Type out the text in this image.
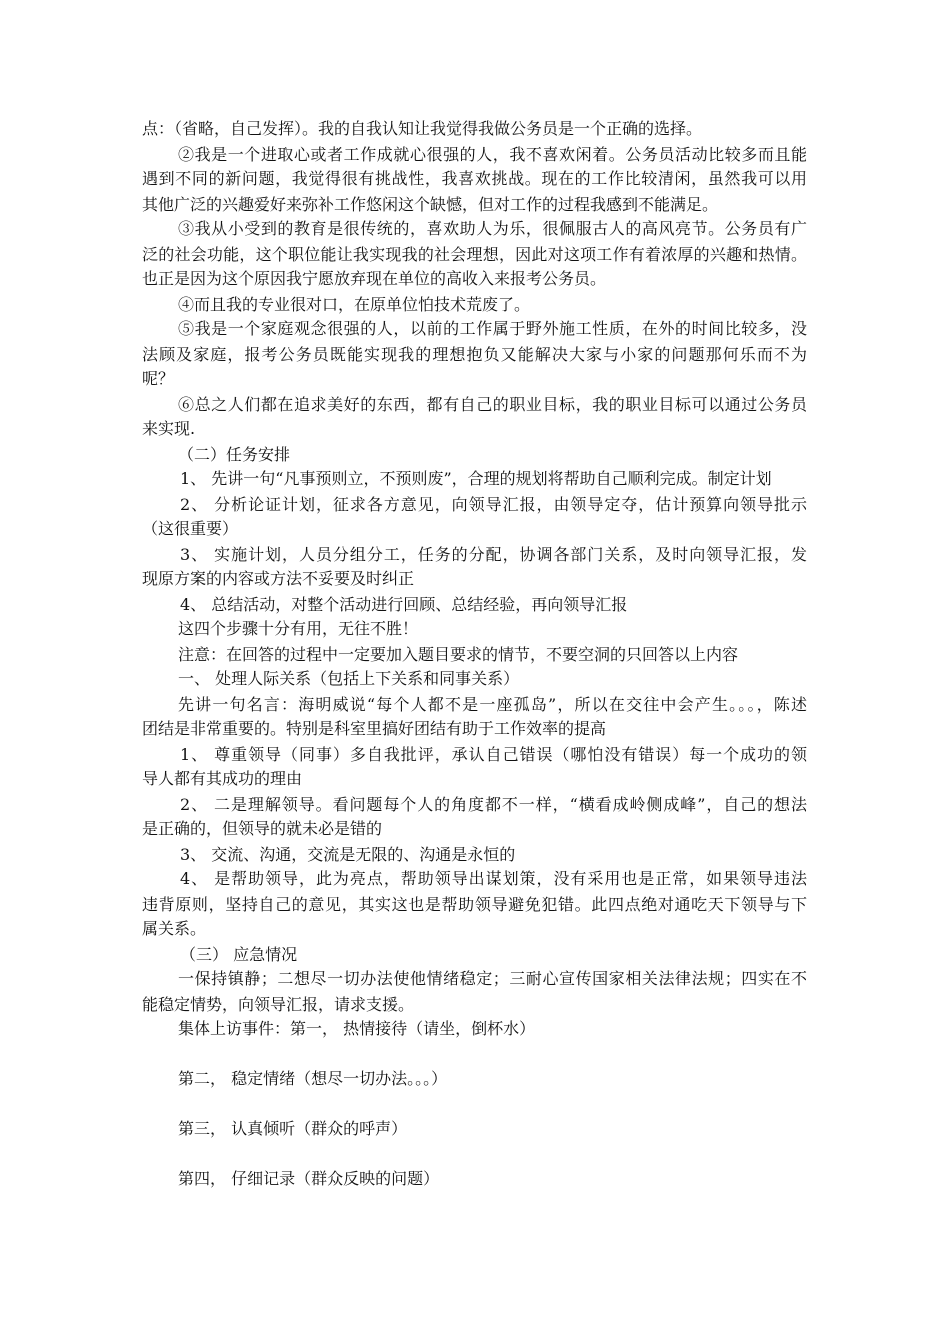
点：（省略，自己发挥）。我的自我认知让我觉得我做公务员是一个正确的选择。
②我是一个进取心或者工作成就心很强的人，我不喜欢闲着。公务员活动比较多而且能
遇到不同的新问题，我觉得很有挑战性，我喜欢挑战。现在的工作比较清闲，虽然我可以用
其他广泛的兴趣爱好来弥补工作悠闲这个缺憾，但对工作的过程我感到不能满足。
③我从小受到的教育是很传统的，喜欢助人为乐，很佩服古人的高风亮节。公务员有广
泛的社会功能，这个职位能让我实现我的社会理想，因此对这项工作有着浓厚的兴趣和热情。
也正是因为这个原因我宁愿放弃现在单位的高收入来报考公务员。
④而且我的专业很对口，在原单位怕技术荒废了。
⑤我是一个家庭观念很强的人，以前的工作属于野外施工性质，在外的时间比较多，没
法顾及家庭，报考公务员既能实现我的理想抱负又能解决大家与小家的问题那何乐而不为
呢？
⑥总之人们都在追求美好的东西，都有自己的职业目标，我的职业目标可以通过公务员
来实现.
（二）任务安排
1、 先讲一句“凡事预则立，不预则废”，合理的规划将帮助自己顺利完成。制定计划
2、 分析论证计划，征求各方意见，向领导汇报，由领导定夺，估计预算向领导批示
（这很重要）
3、 实施计划，人员分组分工，任务的分配，协调各部门关系，及时向领导汇报，发
现原方案的内容或方法不妥要及时纠正
4、 总结活动，对整个活动进行回顾、总结经验，再向领导汇报
这四个步骤十分有用，无往不胜！
注意：在回答的过程中一定要加入题目要求的情节，不要空洞的只回答以上内容
一、 处理人际关系（包括上下关系和同事关系）
先讲一句名言：海明威说“每个人都不是一座孤岛”，所以在交往中会产生。。。，陈述
团结是非常重要的。特别是科室里搞好团结有助于工作效率的提高
1、 尊重领导（同事）多自我批评，承认自己错误（哪怕没有错误）每一个成功的领
导人都有其成功的理由
2、 二是理解领导。看问题每个人的角度都不一样，“横看成岭侧成峰”，自己的想法
是正确的，但领导的就未必是错的
3、 交流、沟通，交流是无限的、沟通是永恒的
4、 是帮助领导，此为亮点，帮助领导出谋划策，没有采用也是正常，如果领导违法
违背原则，坚持自己的意见，其实这也是帮助领导避免犯错。此四点绝对通吃天下领导与下
属关系。
（三） 应急情况
一保持镇静；二想尽一切办法使他情绪稳定；三耐心宣传国家相关法律法规；四实在不
能稳定情势，向领导汇报，请求支援。
集体上访事件：第一， 热情接待（请坐，倒杯水）
第二， 稳定情绪（想尽一切办法。。。）
第三， 认真倾听（群众的呼声）
第四， 仔细记录（群众反映的问题）
